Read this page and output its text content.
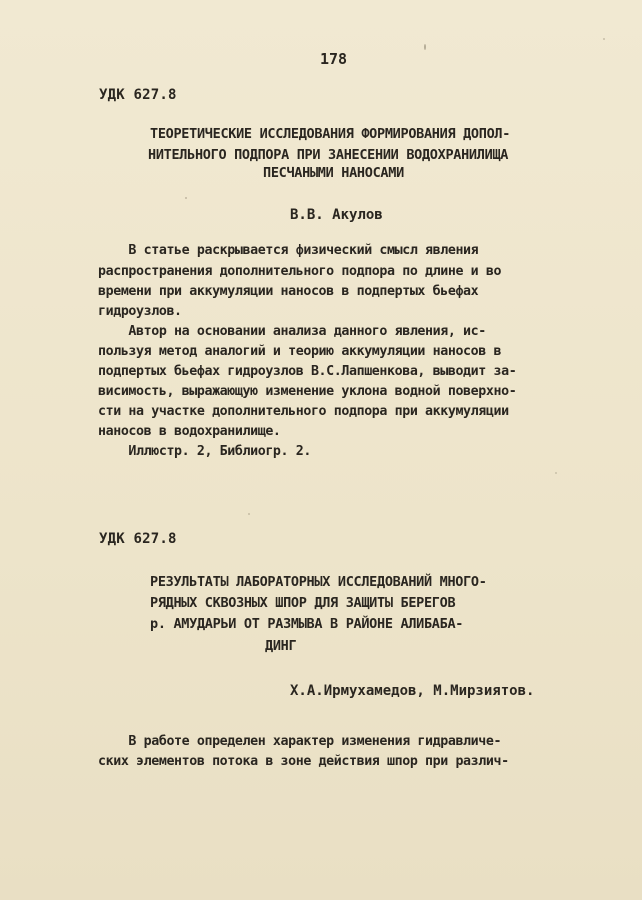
178
УДК 627.8
ТЕОРЕТИЧЕСКИЕ ИССЛЕДОВАНИЯ ФОРМИРОВАНИЯ ДОПОЛ-
НИТЕЛЬНОГО ПОДПОРА ПРИ ЗАНЕСЕНИИ ВОДОХРАНИЛИЩА
ПЕСЧАНЫМИ НАНОСАМИ
В.В. Акулов
В статье раскрывается физический смысл явления
распространения дополнительного подпора по длине и во
времени при аккумуляции наносов в подпертых бьефах
гидроузлов.
Автор на основании анализа данного явления, ис-
пользуя метод аналогий и теорию аккумуляции наносов в
подпертых бьефах гидроузлов В.С.Лапшенкова, выводит за-
висимость, выражающую изменение уклона водной поверхно-
сти на участке дополнительного подпора при аккумуляции
наносов в водохранилище.
Иллюстр. 2, Библиогр. 2.
УДК 627.8
РЕЗУЛЬТАТЫ ЛАБОРАТОРНЫХ ИССЛЕДОВАНИЙ МНОГО-
РЯДНЫХ СКВОЗНЫХ ШПОР ДЛЯ ЗАЩИТЫ БЕРЕГОВ
р. АМУДАРЬИ ОТ РАЗМЫВА В РАЙОНЕ АЛИБАБА-
ДИНГ
Х.А.Ирмухамедов, М.Мирзиятов.
В работе определен характер изменения гидравличе-
ских элементов потока в зоне действия шпор при различ-
